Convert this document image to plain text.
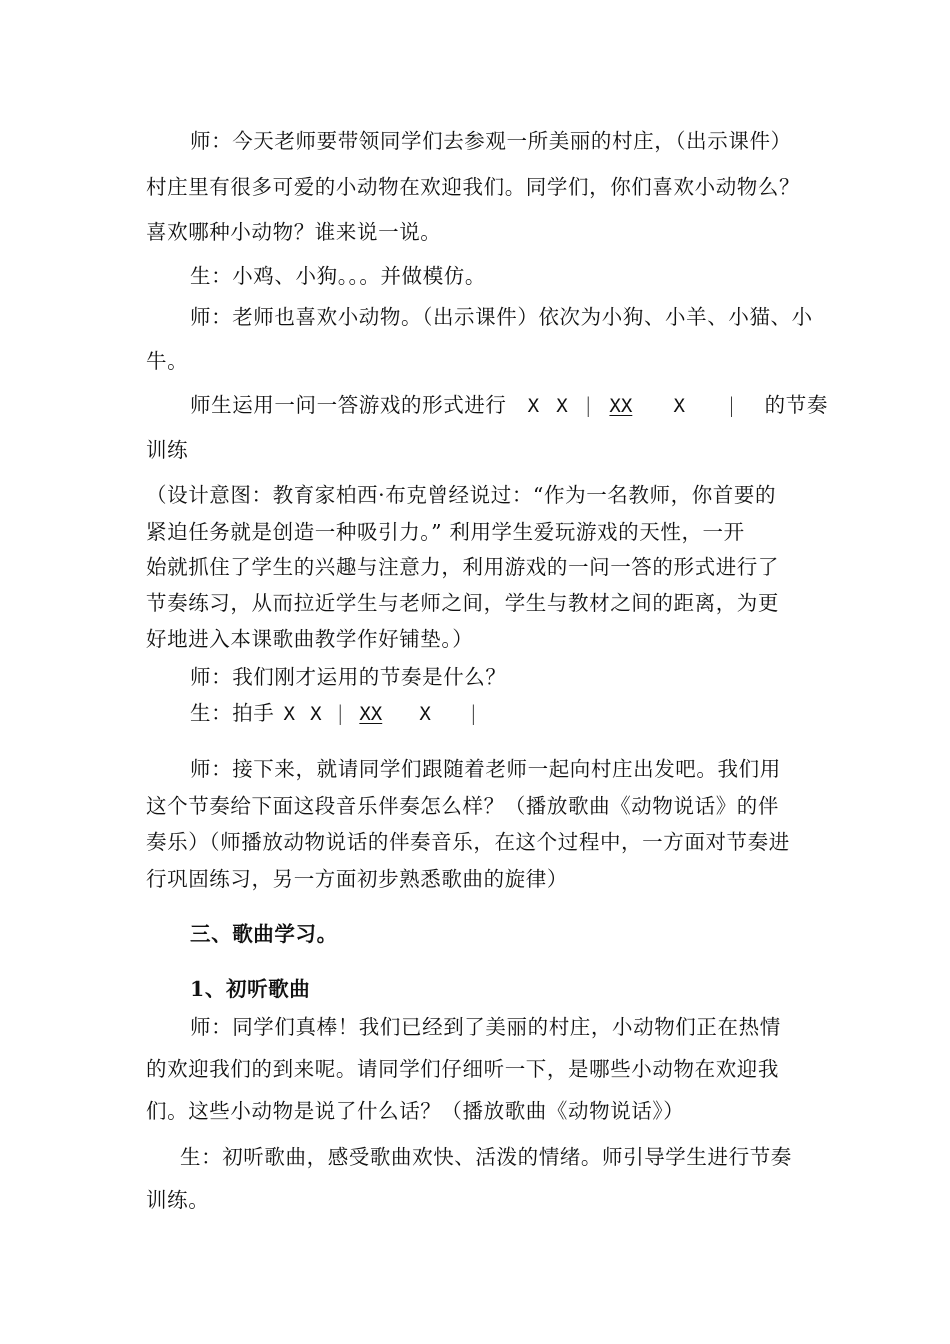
师：今天老师要带领同学们去参观一所美丽的村庄，（出示课件）
村庄里有很多可爱的小动物在欢迎我们。同学们，你们喜欢小动物么？
喜欢哪种小动物？谁来说一说。
生：小鸡、小狗。。。并做模仿。
师：老师也喜欢小动物。（出示课件）依次为小狗、小羊、小猫、小
牛。
师生运用一问一答游戏的形式进行 X X | XX X | 的节奏
训练
（设计意图：教育家柏西·布克曾经说过：“作为一名教师，你首要的
紧迫任务就是创造一种吸引力。” 利用学生爱玩游戏的天性，一开
始就抓住了学生的兴趣与注意力，利用游戏的一问一答的形式进行了
节奏练习，从而拉近学生与老师之间，学生与教材之间的距离，为更
好地进入本课歌曲教学作好铺垫。）
师：我们刚才运用的节奏是什么？
生：拍手 X X | XX X |
师：接下来，就请同学们跟随着老师一起向村庄出发吧。我们用
这个节奏给下面这段音乐伴奏怎么样？（播放歌曲《动物说话》的伴
奏乐）（师播放动物说话的伴奏音乐，在这个过程中，一方面对节奏进
行巩固练习，另一方面初步熟悉歌曲的旋律）
三、歌曲学习。
1、初听歌曲
师：同学们真棒！我们已经到了美丽的村庄，小动物们正在热情
的欢迎我们的到来呢。请同学们仔细听一下，是哪些小动物在欢迎我
们。这些小动物是说了什么话？（播放歌曲《动物说话》）
生：初听歌曲，感受歌曲欢快、活泼的情绪。师引导学生进行节奏
训练。
